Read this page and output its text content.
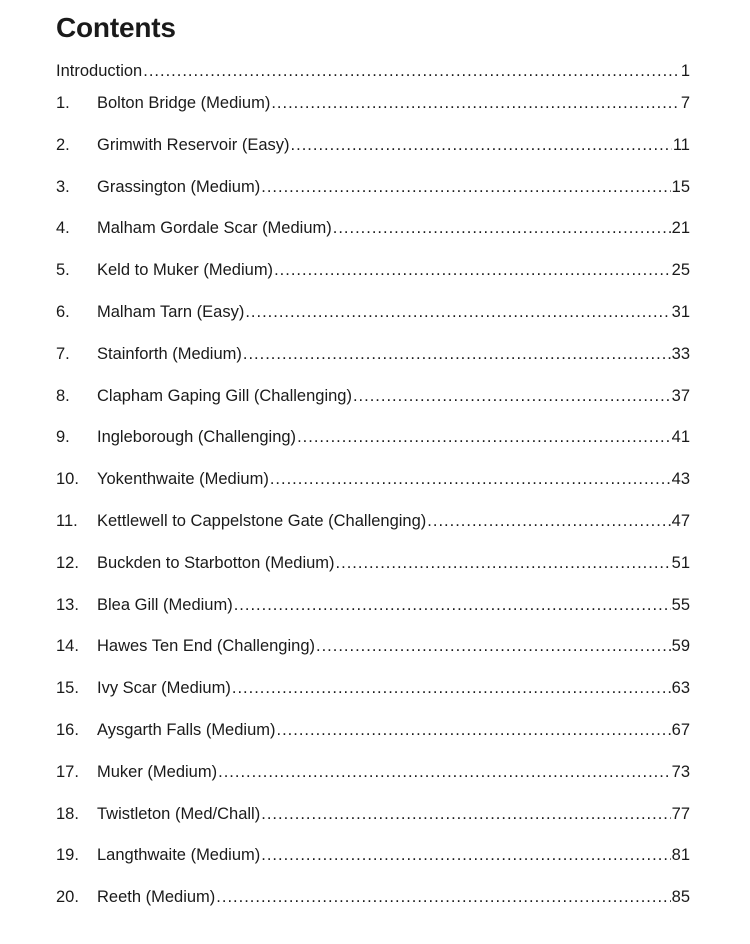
Contents
Introduction .....	1
1.	Bolton Bridge (Medium) .....	7
2.	Grimwith Reservoir (Easy) .....	11
3.	Grassington (Medium) .....	15
4.	Malham Gordale Scar (Medium) .....	21
5.	Keld to Muker (Medium) .....	25
6.	Malham Tarn (Easy) .....	31
7.	Stainforth (Medium) .....	33
8.	Clapham Gaping Gill (Challenging) .....	37
9.	Ingleborough (Challenging) .....	41
10.	Yokenthwaite (Medium) .....	43
11.	Kettlewell to Cappelstone Gate (Challenging) .....	47
12.	Buckden to Starbotton (Medium) .....	51
13.	Blea Gill (Medium) .....	55
14.	Hawes Ten End (Challenging) .....	59
15.	Ivy Scar (Medium) .....	63
16.	Aysgarth Falls (Medium) .....	67
17.	Muker (Medium) .....	73
18.	Twistleton (Med/Chall) .....	77
19.	Langthwaite (Medium) .....	81
20.	Reeth (Medium) .....	85
